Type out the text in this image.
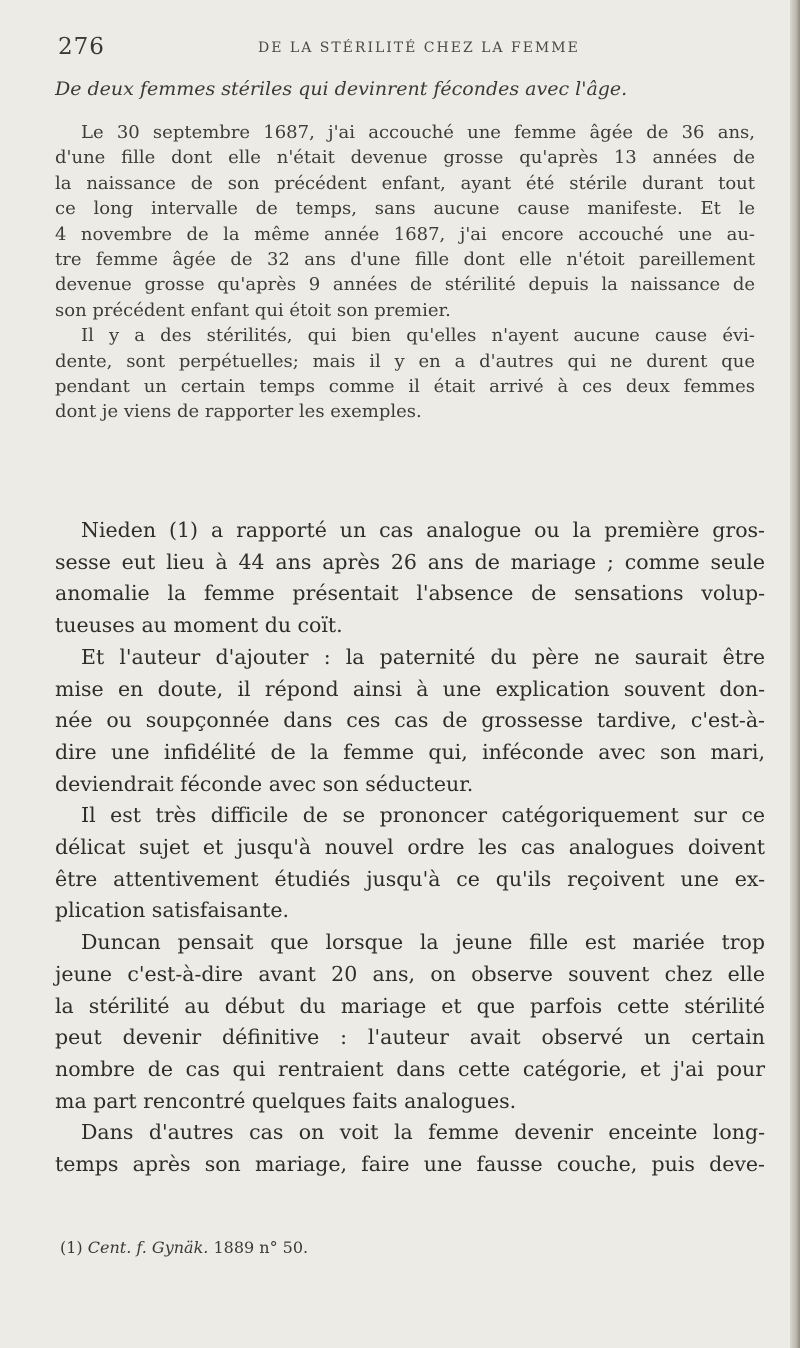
276	DE LA STÉRILITÉ CHEZ LA FEMME
De deux femmes stériles qui devinrent fécondes avec l'âge.
Le 30 septembre 1687, j'ai accouché une femme âgée de 36 ans,
d'une fille dont elle n'était devenue grosse qu'après 13 années de
la naissance de son précédent enfant, ayant été stérile durant tout
ce long intervalle de temps, sans aucune cause manifeste. Et le
4 novembre de la même année 1687, j'ai encore accouché une au-
tre femme âgée de 32 ans d'une fille dont elle n'étoit pareillement
devenue grosse qu'après 9 années de stérilité depuis la naissance de
son précédent enfant qui étoit son premier.
Il y a des stérilités, qui bien qu'elles n'ayent aucune cause évi-
dente, sont perpétuelles; mais il y en a d'autres qui ne durent que
pendant un certain temps comme il était arrivé à ces deux femmes
dont je viens de rapporter les exemples.
Nieden (1) a rapporté un cas analogue ou la première gros-
sesse eut lieu à 44 ans après 26 ans de mariage ; comme seule
anomalie la femme présentait l'absence de sensations volup-
tueuses au moment du coït.
Et l'auteur d'ajouter : la paternité du père ne saurait être
mise en doute, il répond ainsi à une explication souvent don-
née ou soupçonnée dans ces cas de grossesse tardive, c'est-à-
dire une infidélité de la femme qui, inféconde avec son mari,
deviendrait féconde avec son séducteur.
Il est très difficile de se prononcer catégoriquement sur ce
délicat sujet et jusqu'à nouvel ordre les cas analogues doivent
être attentivement étudiés jusqu'à ce qu'ils reçoivent une ex-
plication satisfaisante.
Duncan pensait que lorsque la jeune fille est mariée trop
jeune c'est-à-dire avant 20 ans, on observe souvent chez elle
la stérilité au début du mariage et que parfois cette stérilité
peut devenir définitive : l'auteur avait observé un certain
nombre de cas qui rentraient dans cette catégorie, et j'ai pour
ma part rencontré quelques faits analogues.
Dans d'autres cas on voit la femme devenir enceinte long-
temps après son mariage, faire une fausse couche, puis deve-
(1) Cent. f. Gynäk. 1889 n° 50.
